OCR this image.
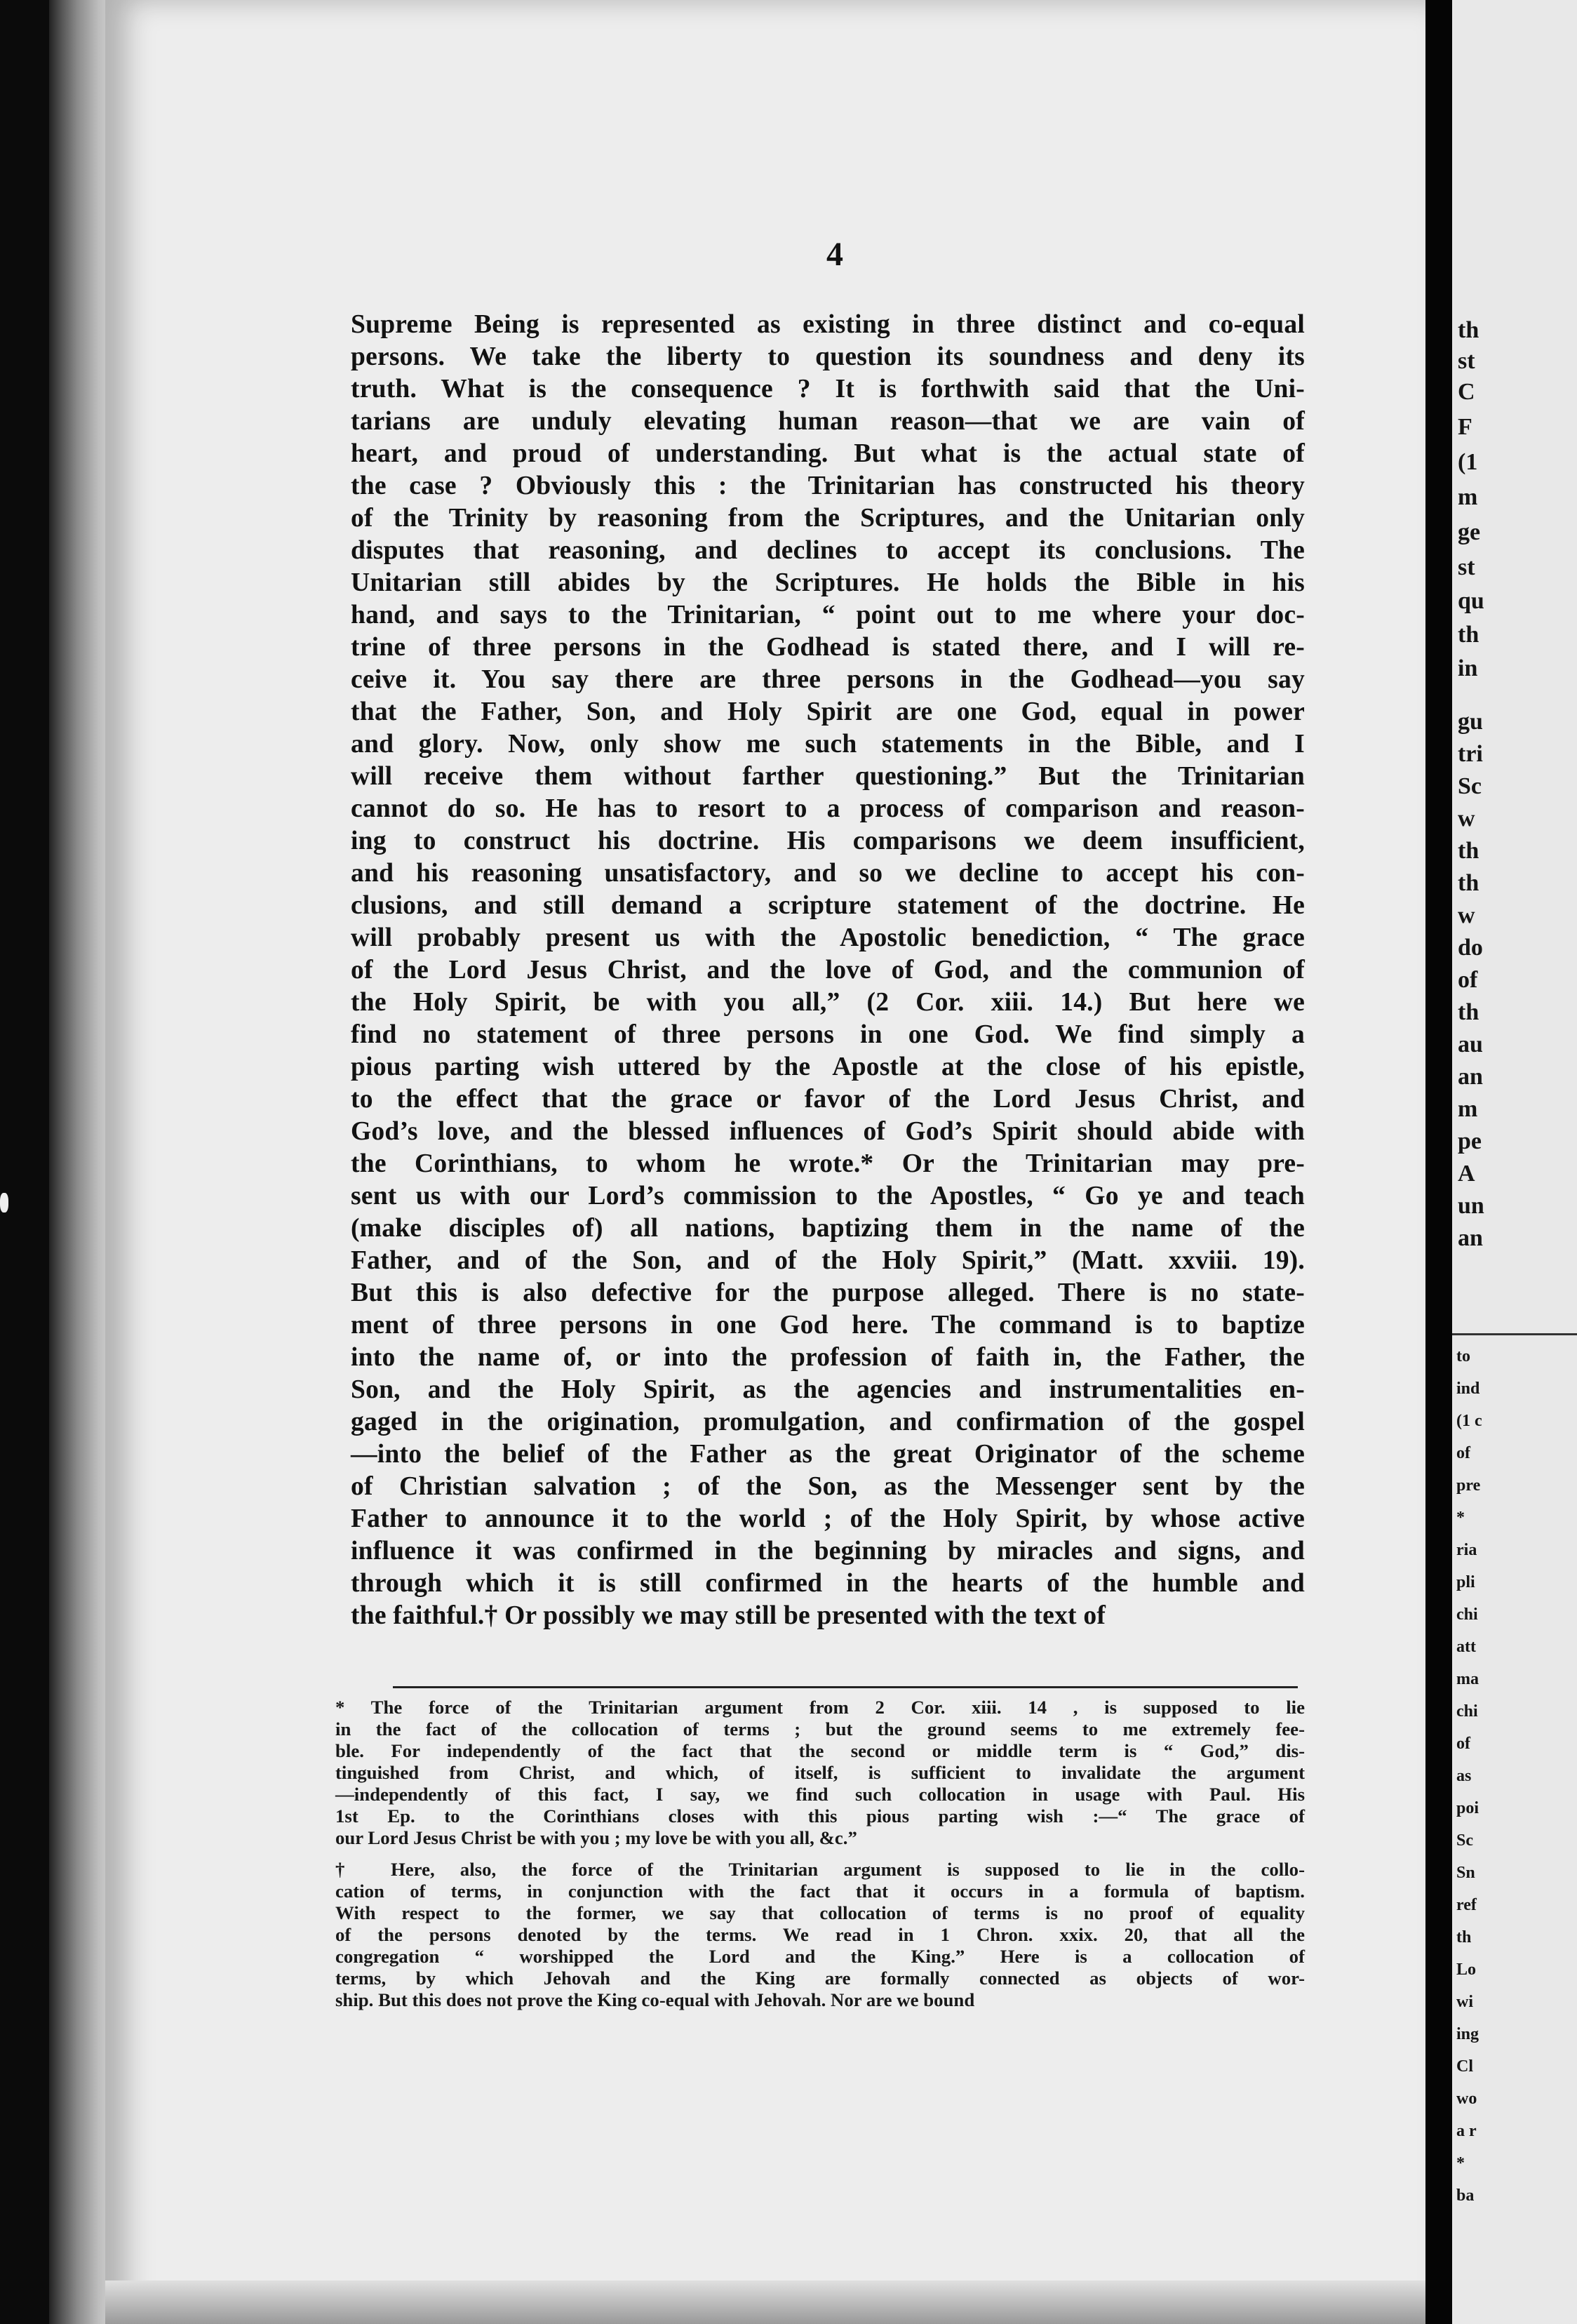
4
Supreme Being is represented as existing in three distinct and co-equal
persons. We take the liberty to question its soundness and deny its
truth. What is the consequence ? It is forthwith said that the Uni-
tarians are unduly elevating human reason—that we are vain of
heart, and proud of understanding. But what is the actual state of
the case ? Obviously this : the Trinitarian has constructed his theory
of the Trinity by reasoning from the Scriptures, and the Unitarian only
disputes that reasoning, and declines to accept its conclusions. The
Unitarian still abides by the Scriptures. He holds the Bible in his
hand, and says to the Trinitarian, “ point out to me where your doc-
trine of three persons in the Godhead is stated there, and I will re-
ceive it. You say there are three persons in the Godhead—you say
that the Father, Son, and Holy Spirit are one God, equal in power
and glory. Now, only show me such statements in the Bible, and I
will receive them without farther questioning.” But the Trinitarian
cannot do so. He has to resort to a process of comparison and reason-
ing to construct his doctrine. His comparisons we deem insufficient,
and his reasoning unsatisfactory, and so we decline to accept his con-
clusions, and still demand a scripture statement of the doctrine. He
will probably present us with the Apostolic benediction, “ The grace
of the Lord Jesus Christ, and the love of God, and the communion of
the Holy Spirit, be with you all,” (2 Cor. xiii. 14.) But here we
find no statement of three persons in one God. We find simply a
pious parting wish uttered by the Apostle at the close of his epistle,
to the effect that the grace or favor of the Lord Jesus Christ, and
God’s love, and the blessed influences of God’s Spirit should abide with
the Corinthians, to whom he wrote.* Or the Trinitarian may pre-
sent us with our Lord’s commission to the Apostles, “ Go ye and teach
(make disciples of) all nations, baptizing them in the name of the
Father, and of the Son, and of the Holy Spirit,” (Matt. xxviii. 19).
But this is also defective for the purpose alleged. There is no state-
ment of three persons in one God here. The command is to baptize
into the name of, or into the profession of faith in, the Father, the
Son, and the Holy Spirit, as the agencies and instrumentalities en-
gaged in the origination, promulgation, and confirmation of the gospel
—into the belief of the Father as the great Originator of the scheme
of Christian salvation ; of the Son, as the Messenger sent by the
Father to announce it to the world ; of the Holy Spirit, by whose active
influence it was confirmed in the beginning by miracles and signs, and
through which it is still confirmed in the hearts of the humble and
the faithful.† Or possibly we may still be presented with the text of
* The force of the Trinitarian argument from 2 Cor. xiii. 14 , is supposed to lie
in the fact of the collocation of terms ; but the ground seems to me extremely fee-
ble. For independently of the fact that the second or middle term is “ God,” dis-
tinguished from Christ, and which, of itself, is sufficient to invalidate the argument
—independently of this fact, I say, we find such collocation in usage with Paul. His
1st Ep. to the Corinthians closes with this pious parting wish :—“ The grace of
our Lord Jesus Christ be with you ; my love be with you all, &c.”
† Here, also, the force of the Trinitarian argument is supposed to lie in the collo-
cation of terms, in conjunction with the fact that it occurs in a formula of baptism.
With respect to the former, we say that collocation of terms is no proof of equality
of the persons denoted by the terms. We read in 1 Chron. xxix. 20, that all the
congregation “ worshipped the Lord and the King.” Here is a collocation of
terms, by which Jehovah and the King are formally connected as objects of wor-
ship. But this does not prove the King co-equal with Jehovah. Nor are we bound
th
st
C
F
(1
m
ge
st
qu
th
in
gu
tri
Sc
w
th
th
w
do
of
th
au
an
m
pe
A
un
an
to
ind
(1 c
of
pre
*
ria
pli
chi
att
ma
chi
of
as
poi
Sc
Sn
ref
th
Lo
wi
ing
Cl
wo
a r
*
ba
